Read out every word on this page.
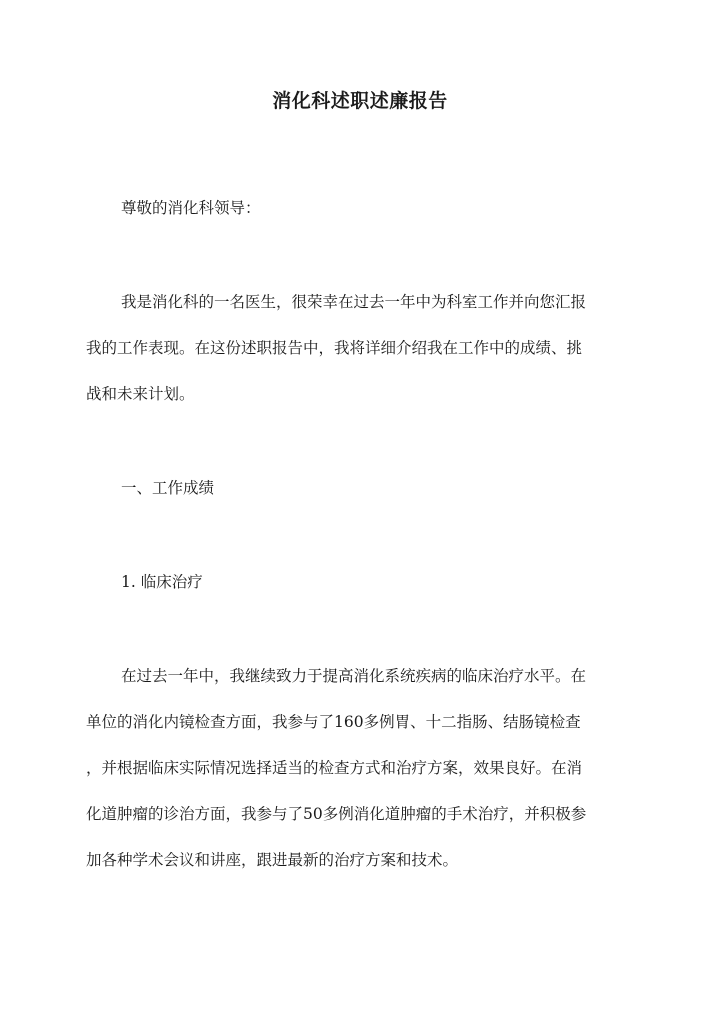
消化科述职述廉报告

尊敬的消化科领导：

我是消化科的一名医生，很荣幸在过去一年中为科室工作并向您汇报

我的工作表现。在这份述职报告中，我将详细介绍我在工作中的成绩、挑

战和未来计划。

一、工作成绩

1. 临床治疗

在过去一年中，我继续致力于提高消化系统疾病的临床治疗水平。在

单位的消化内镜检查方面，我参与了160多例胃、十二指肠、结肠镜检查

，并根据临床实际情况选择适当的检查方式和治疗方案，效果良好。在消

化道肿瘤的诊治方面，我参与了50多例消化道肿瘤的手术治疗，并积极参

加各种学术会议和讲座，跟进最新的治疗方案和技术。
